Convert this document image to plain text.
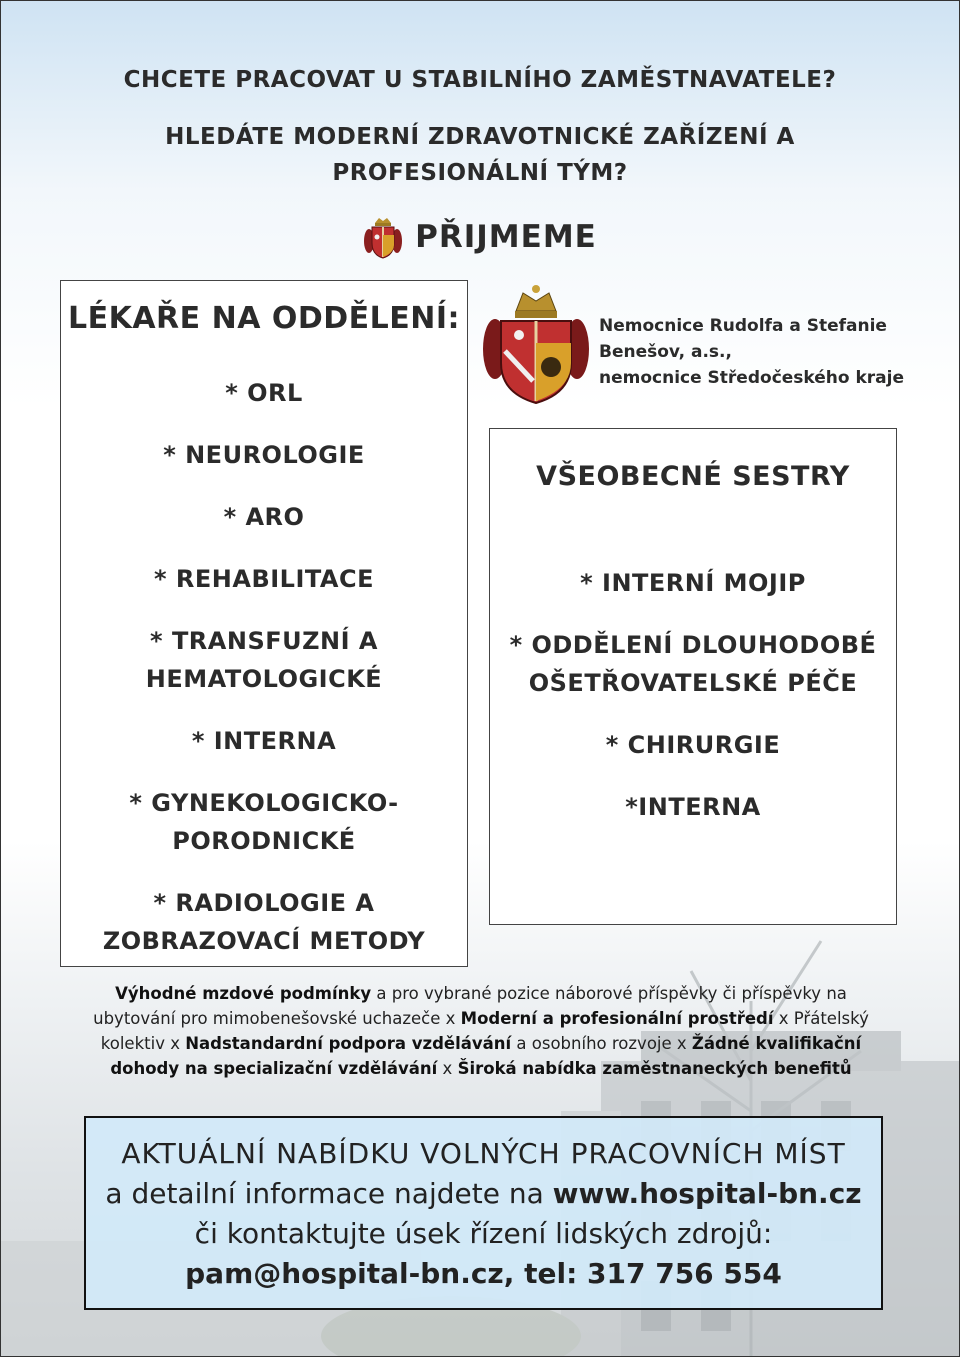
CHCETE PRACOVAT U STABILNÍHO ZAMĚSTNAVATELE?
HLEDÁTE MODERNÍ ZDRAVOTNICKÉ ZAŘÍZENÍ A
PROFESIONÁLNÍ TÝM?
PŘIJMEME
LÉKAŘE NA ODDĚLENÍ:
* ORL
* NEUROLOGIE
* ARO
* REHABILITACE
* TRANSFUZNÍ A
HEMATOLOGICKÉ
* INTERNA
* GYNEKOLOGICKO-
PORODNICKÉ
* RADIOLOGIE A
ZOBRAZOVACÍ METODY
Nemocnice Rudolfa a Stefanie
Benešov, a.s.,
nemocnice Středočeského kraje
VŠEOBECNÉ SESTRY
* INTERNÍ MOJIP
* ODDĚLENÍ DLOUHODOBÉ
OŠETŘOVATELSKÉ PÉČE
* CHIRURGIE
*INTERNA
Výhodné mzdové podmínky a pro vybrané pozice náborové příspěvky či příspěvky na ubytování pro mimobenešovské uchazeče x Moderní a profesionální prostředí x Přátelský kolektiv x Nadstandardní podpora vzdělávání a osobního rozvoje x Žádné kvalifikační dohody na specializační vzdělávání x Široká nabídka zaměstnaneckých benefitů
AKTUÁLNÍ NABÍDKU VOLNÝCH PRACOVNÍCH MÍST
a detailní informace najdete na www.hospital-bn.cz
či kontaktujte úsek řízení lidských zdrojů:
pam@hospital-bn.cz, tel: 317 756 554
